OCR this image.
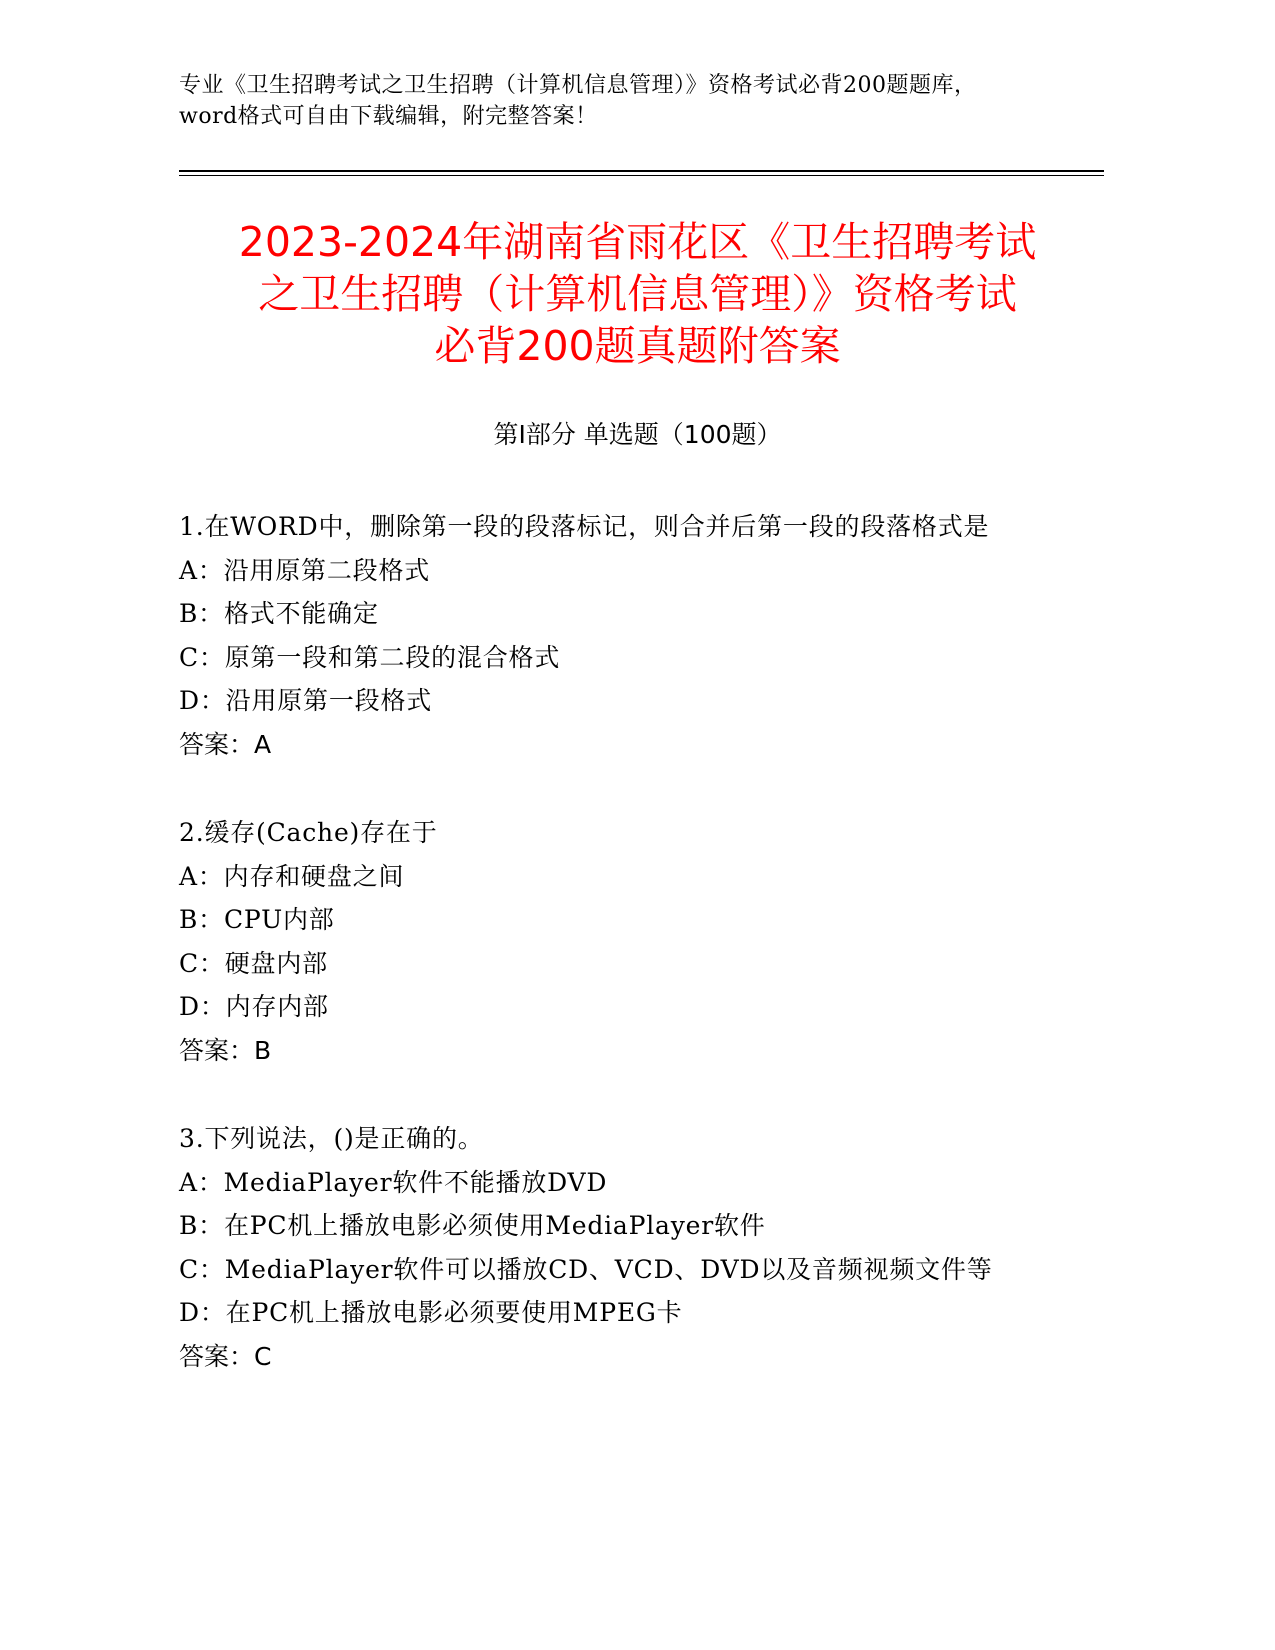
专业《卫生招聘考试之卫生招聘（计算机信息管理）》资格考试必背200题题库，
word格式可自由下载编辑，附完整答案！
2023-2024年湖南省雨花区《卫生招聘考试
之卫生招聘（计算机信息管理）》资格考试
必背200题真题附答案
第Ⅰ部分 单选题（100题）
1.在WORD中，删除第一段的段落标记，则合并后第一段的段落格式是
A：沿用原第二段格式
B：格式不能确定
C：原第一段和第二段的混合格式
D：沿用原第一段格式
答案：A
2.缓存(Cache)存在于
A：内存和硬盘之间
B：CPU内部
C：硬盘内部
D：内存内部
答案：B
3.下列说法，()是正确的。
A：MediaPlayer软件不能播放DVD
B：在PC机上播放电影必须使用MediaPlayer软件
C：MediaPlayer软件可以播放CD、VCD、DVD以及音频视频文件等
D：在PC机上播放电影必须要使用MPEG卡
答案：C
